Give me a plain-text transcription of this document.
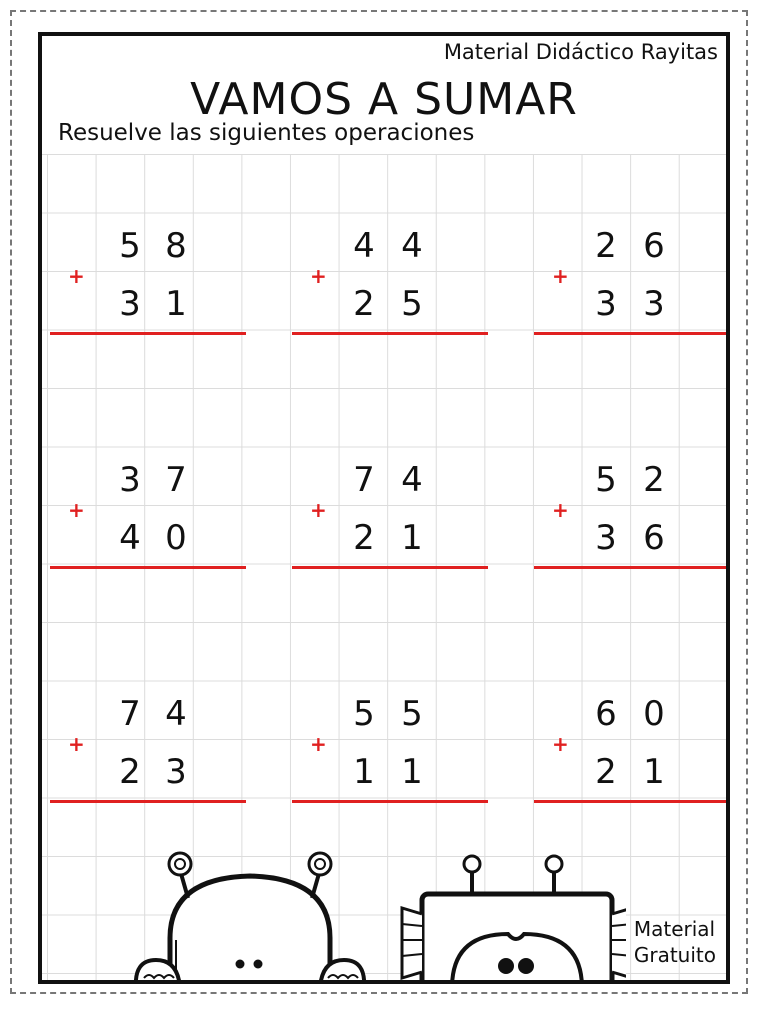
Material Didáctico Rayitas
VAMOS A SUMAR
Resuelve las siguientes operaciones
+
5 8
3 1
+
4 4
2 5
+
2 6
3 3
+
3 7
4 0
+
7 4
2 1
+
5 2
3 6
+
7 4
2 3
+
5 5
1 1
+
6 0
2 1
Material
Gratuito
